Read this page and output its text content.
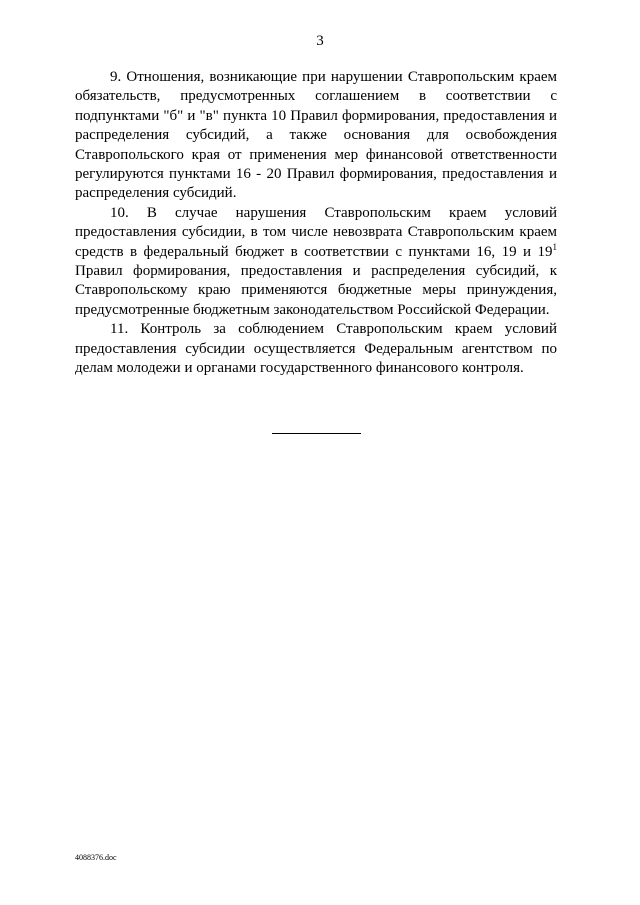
3

9. Отношения, возникающие при нарушении Ставропольским краем обязательств, предусмотренных соглашением в соответствии с подпунктами "б" и "в" пункта 10 Правил формирования, предоставления и распределения субсидий, а также основания для освобождения Ставропольского края от применения мер финансовой ответственности регулируются пунктами 16 - 20 Правил формирования, предоставления и распределения субсидий.

10. В случае нарушения Ставропольским краем условий предоставления субсидии, в том числе невозврата Ставропольским краем средств в федеральный бюджет в соответствии с пунктами 16, 19 и $19^1$ Правил формирования, предоставления и распределения субсидий, к Ставропольскому краю применяются бюджетные меры принуждения, предусмотренные бюджетным законодательством Российской Федерации.

11. Контроль за соблюдением Ставропольским краем условий предоставления субсидии осуществляется Федеральным агентством по делам молодежи и органами государственного финансового контроля.

4088376.doc
